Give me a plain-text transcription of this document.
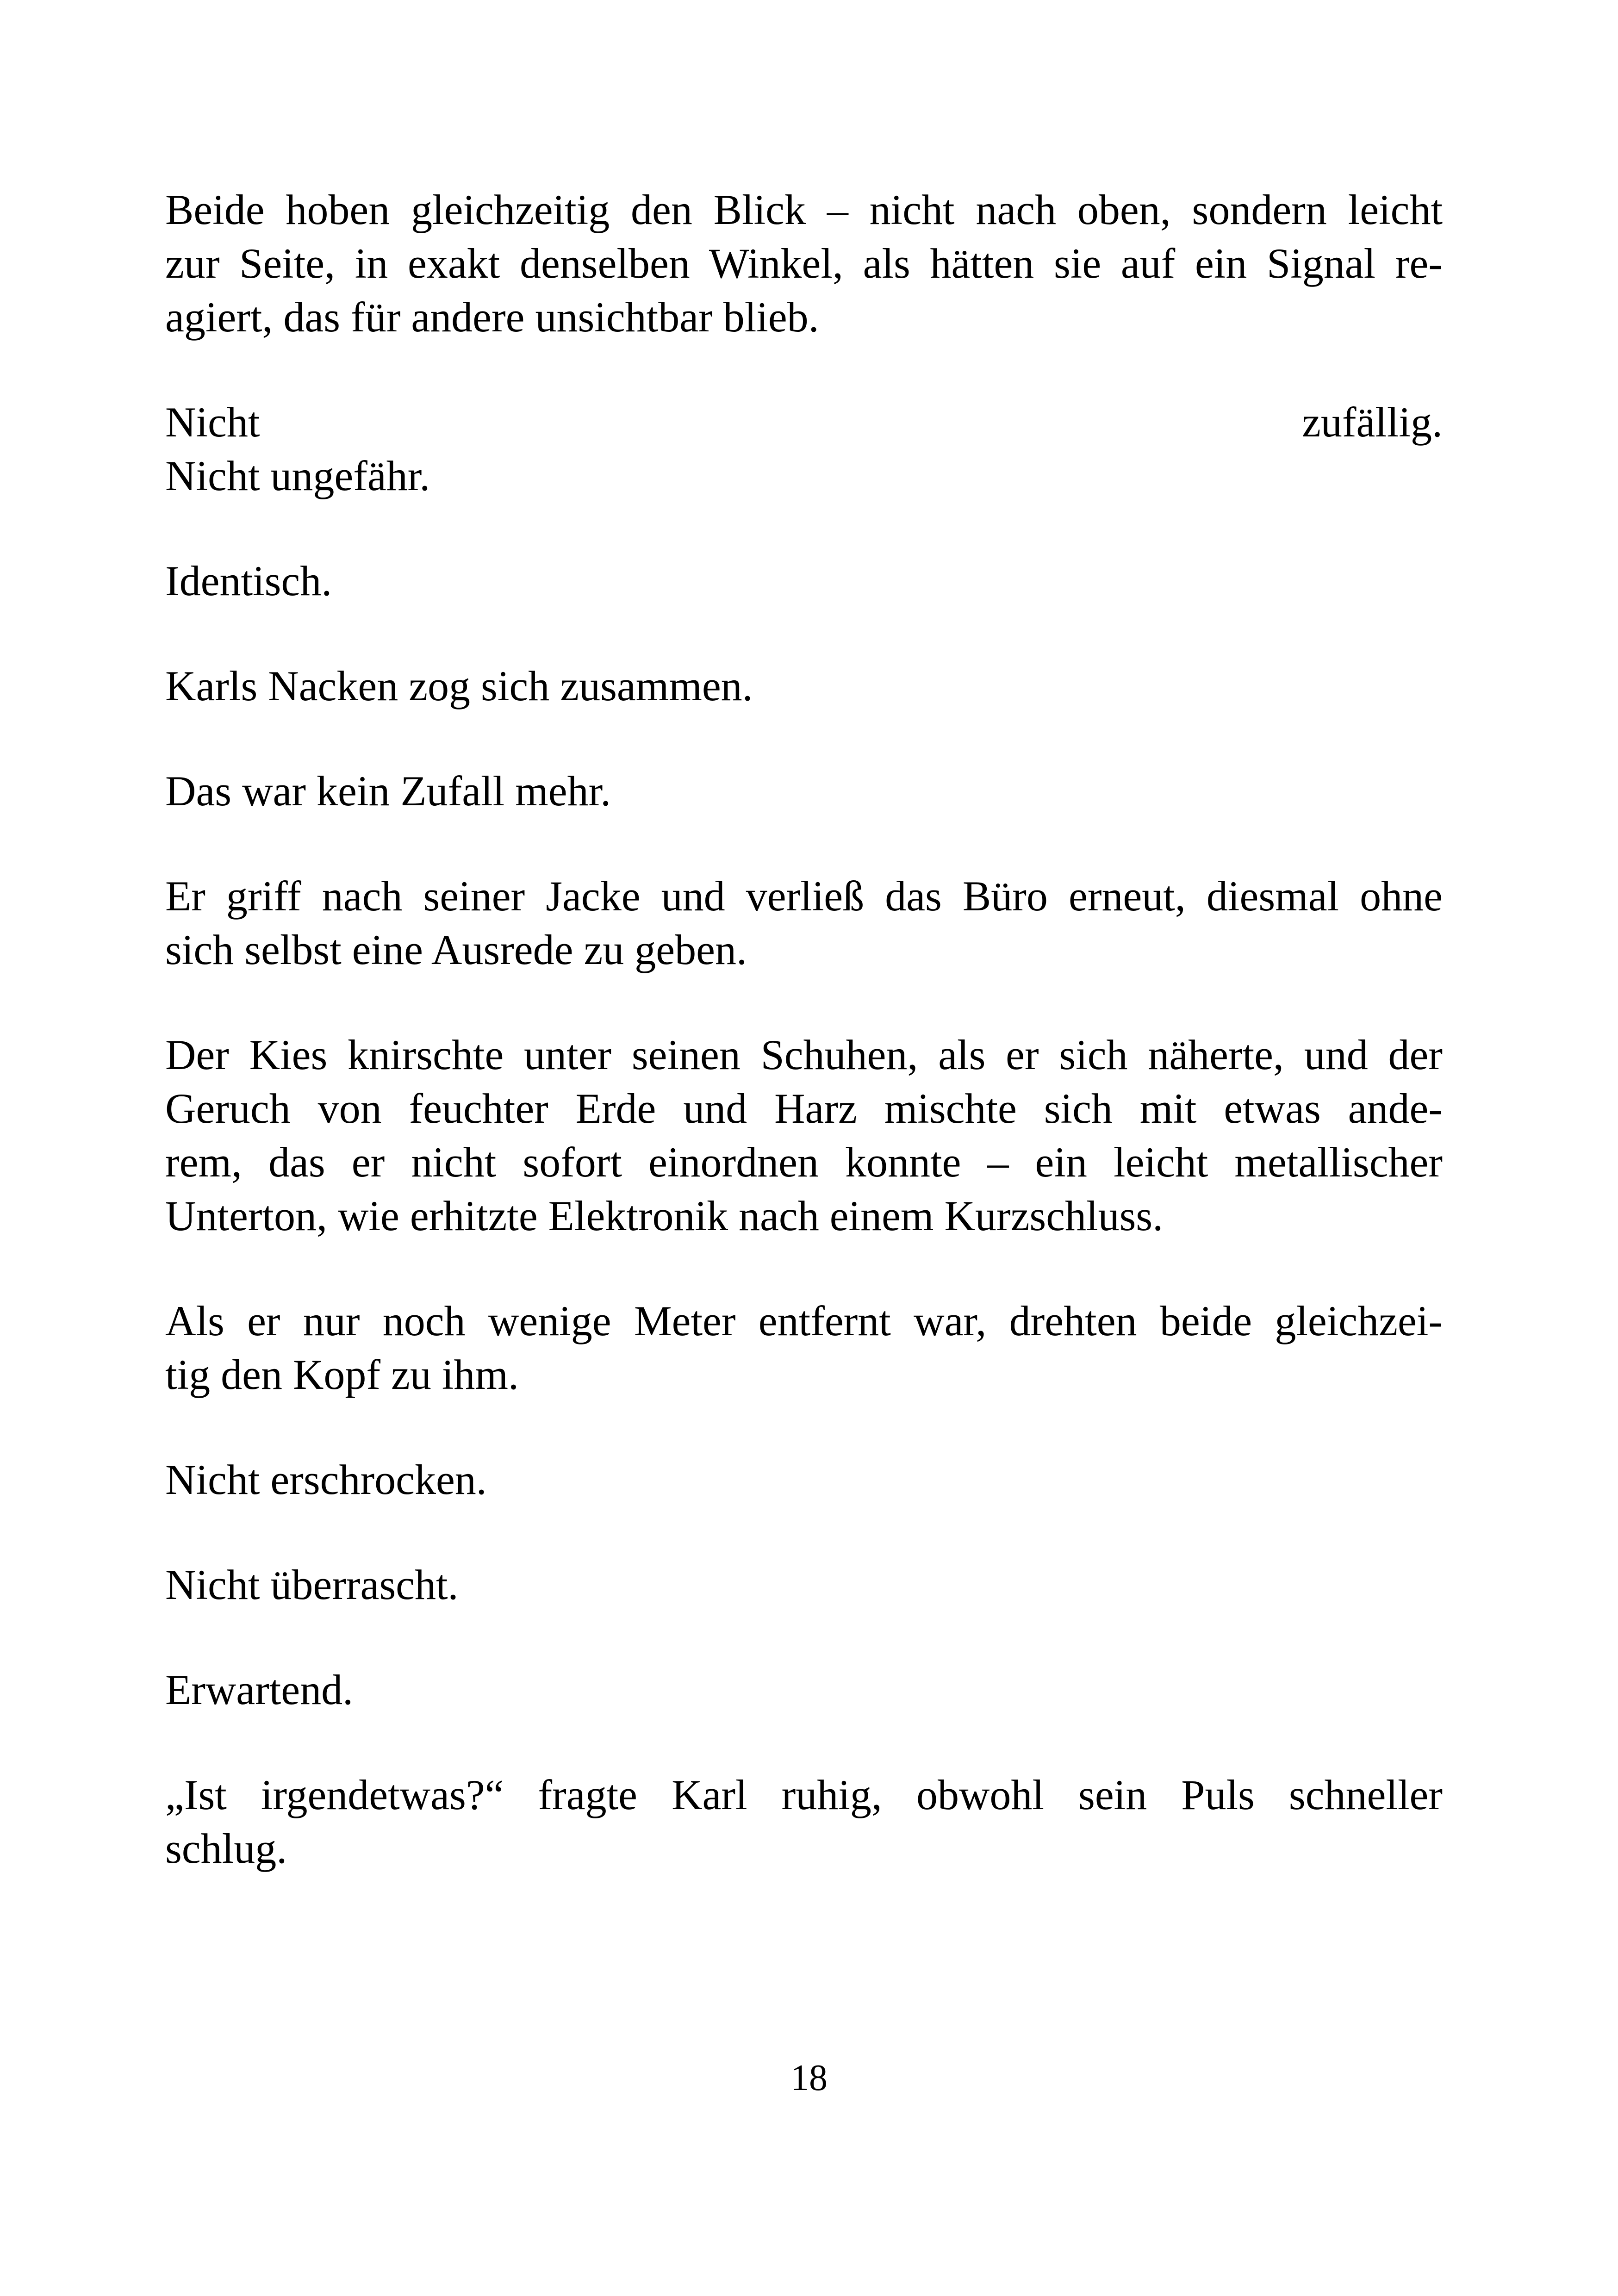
Beide hoben gleichzeitig den Blick – nicht nach oben, sondern leicht
zur Seite, in exakt denselben Winkel, als hätten sie auf ein Signal re-
agiert, das für andere unsichtbar blieb.
Nicht zufällig.
Nicht ungefähr.
Identisch.
Karls Nacken zog sich zusammen.
Das war kein Zufall mehr.
Er griff nach seiner Jacke und verließ das Büro erneut, diesmal ohne
sich selbst eine Ausrede zu geben.
Der Kies knirschte unter seinen Schuhen, als er sich näherte, und der
Geruch von feuchter Erde und Harz mischte sich mit etwas ande-
rem, das er nicht sofort einordnen konnte – ein leicht metallischer
Unterton, wie erhitzte Elektronik nach einem Kurzschluss.
Als er nur noch wenige Meter entfernt war, drehten beide gleichzei-
tig den Kopf zu ihm.
Nicht erschrocken.
Nicht überrascht.
Erwartend.
„Ist irgendetwas?“ fragte Karl ruhig, obwohl sein Puls schneller
schlug.
18
